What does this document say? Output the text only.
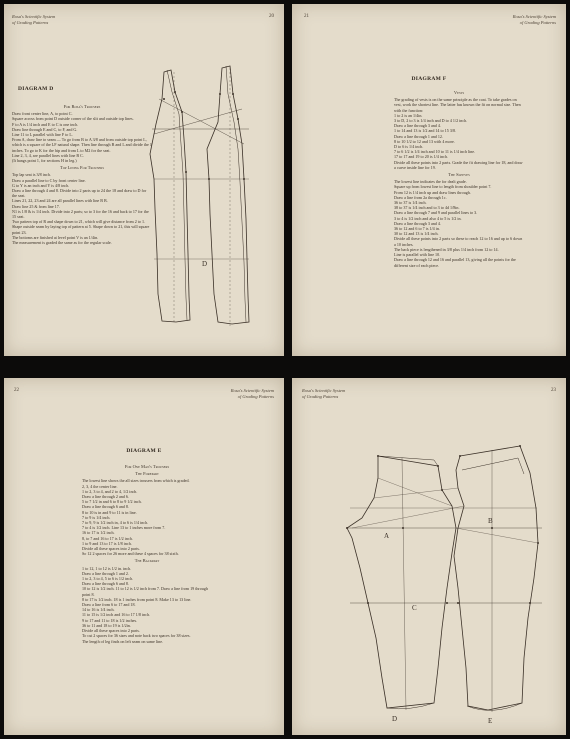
Rosa's Scientific System
of Grading Patterns
20
DIAGRAM D
For Rosa's Trousers

Draw front center line, A, to point C.

Square across from point D outside corner of the slit and outside top lines.

F to A is 1/4 inch and E to C is one inch.

Draw line through E and C, to F, and G.

Line 11 to L parallel with line F to L.

From A, draw line to seam — To go from B to A 3/8 and from outside top point L, which is a square of the LF natural shape. Then line through B and L and divide the 1 inches. To go to K for the hip and from L to M2 for the seat.

Line 2, 3, 4, are parallel lines with line B C.

(It hangs point 1, for sections H in leg.)

Top Lining For Trousers

Top lap seat is 3/8 inch.

Draw a parallel line to C by front center line.

G to Y is an inch and Y is 4/8 inch.

Draw a line through 4 and 8. Divide into 2 parts up to 24 the 18 and draw to D for the seat.

Lines 21, 22, 23 and 24 are all parallel lines with line B B.

Draw line 25 & from line 17.

N1 is 1/8 & is 1/4 inch. Divide into 2 parts; so to 3 for the 16 and back to 17 for the 15 seat.

Two pattern top of R and shape down to 21, which will give distance from 2 to 1. Shape outside seam by laying top of pattern at 5. Shape down to 21, this will square point 23.

The bottoms are finished at level point V is an 1/4in.

The measurement is graded the same as for the regular scale.

D
21	Rosa's Scientific System
of Grading Patterns
DIAGRAM F
Vests

The grading of vests is on the same principle as the coat. To take grades on vest, work the shortest line. The latter has known the fit on normal size. Then with the function:

1 to 2 is an 1/4in.

3 to D, 2 to 3 is 1/4 inch and D to 4 1/2 inch.

Draw a line through 3 and 4.

1 to 14 and 13 is 1/2 and 14 to 15 3/8.

Draw a line through 1 and 12.

8 to 10 1/2 to 12 and 13 with 4 more.

D to 6 is 1/4 inch.

7 to 6 1/2 is 1/4 inch and 10 to 11 is 1/4 inch line.

17 to 17 and 19 to 20 is 1/4 inch.

Divide all these points into 2 parts. Grade the fit drawing line for 18, and draw a curve inside line for 19.

The Sleeves

The lowest line indicates the for dealt grade.

Square up from lowest line to length from shoulder point 7.

From 12 is 1/4 inch up and draw lines through.

Draw a line from 2a through 1c.

36 to 37 is 1/4 inch.

38 to 37 is 1/4 inch and to 3 to 4d 1/8in.

Draw a line through 7 and 9 and parallel lines to 3.

3 to 4 is 1/2 inch and also 4 to 5 is 1/2 in.

Draw a line through 3 and 4.

36 to 12 and 6 to 7 is 1/4 in.

30 to 12 and 13 is 1/4 inch.

Divide all these points into 2 parts so these to reach 12 to 16 and up to 6 down a 10 inches.

The back piece is lengthened in 3/8 plus 1/4 inch from 12 to 14.

Line is parallel with line 10.

Draw a line through 12 and 16 and parallel 13, giving all the points for the different size of each piece.

22	Rosa's Scientific System
of Grading Patterns
DIAGRAM E
For One Man's Trousers
The Forepart

The lowest line shows the all sizes trousers from which is graded.

2, 3, 4 the center line.

1 to 2, 3 to 4, and 2 to 4, 1/2 inch.

Draw a line through 2 and 6.

5 to 7 1/2 in and 6 to 8 to 9 1/2 inch.

Draw a line through 6 and 8.

8 to 10 is in and 9 to 11 is in line.

7 to 9 is 1/4 inch.

7 to 9, 9 is 1/2 inch in, 4 to 6 is 1/4 inch.

7 to 4 is 1/2 inch. Line 13 to 1 inches more from 7.

16 to 17 is 1/2 inch.

8, to 7 and 16 to 17 is 1/2 inch.

1 to 9 and 13 to 17 is 1/8 inch.

Divide all these spaces into 2 parts.

So 12 2 spaces for 26 more and these 4 spaces for 38 sixth.

The Backpart

1 to 12, 1 to 12 is 1/2 in. inch.

Draw a line through 1 and 2.

1 to 2, 3 to 4, 5 to 6 is 1/2 inch.

Draw a line through 6 and 8.

10 to 12 is 1/2 inch. 11 to 12 is 1/2 inch from 7. Draw a line from 19 through point 8.

8 to 17 is 1/2 inch. 18 is 1 inches from point 8. Make 13 to 13 line.

Draw a line from 6 to 17 and 18.

14 to 16 is 1/4 inch.

11 to 15 is 1/2 inch and 16 to 17 1/8 inch.

9 to 17 and 11 to 18 is 1/2 inches.

36 to 11 and 18 to 19 is 1/2in.

Divide all these spaces into 2 parts.

To cut 2 spaces for 36 sizes and note back two spaces for 38 sizes.

The length of leg finds on left seam on same line.

Rosa's Scientific System
of Grading Patterns
23
A
B
C
E
D
